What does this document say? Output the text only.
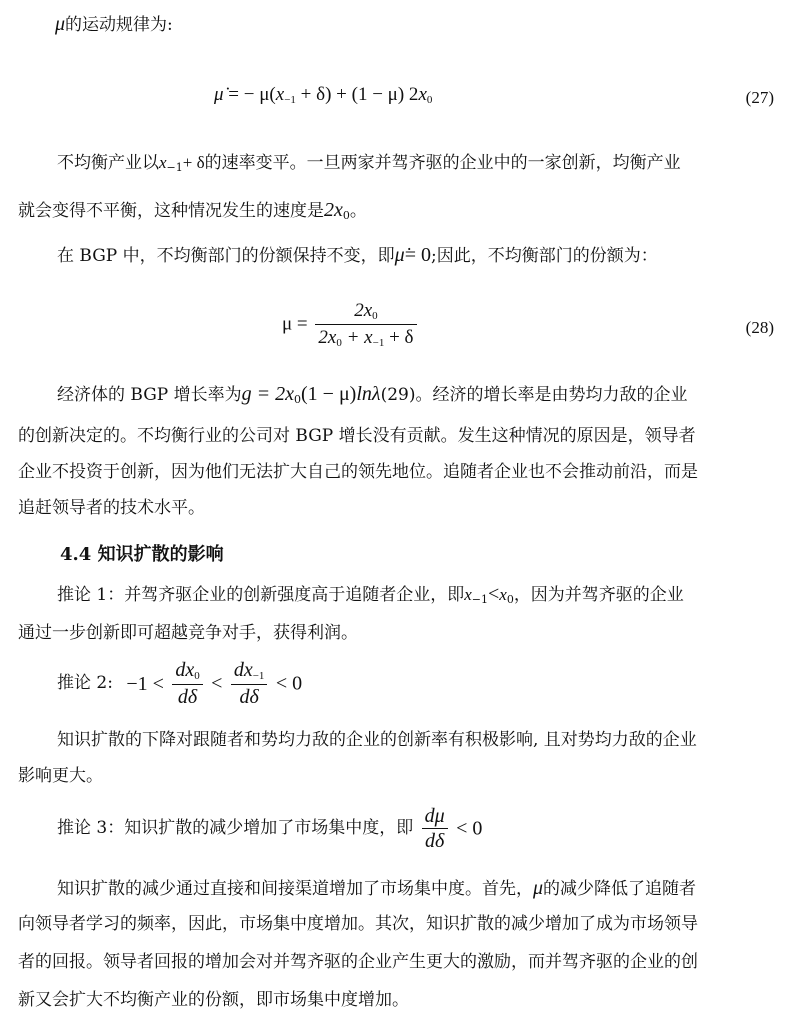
μ的运动规律为:
μ̇ = − $\mu(x_{-1} + \delta) + (1 - \mu)$ $2x_0$	(27)
不均衡产业以$x_{-1}+ \delta$的速率变平。一旦两家并驾齐驱的企业中的一家创新，均衡产业
就会变得不平衡，这种情况发生的速度是$2x_0$。
在 BGP 中，不均衡部门的份额保持不变，即μ̇= 0;因此，不均衡部门的份额为：
$\mu = \frac{2x_0}{2x_0 + x_{-1} + \delta}$	(28)
经济体的 BGP 增长率为$g = 2x_0(1 - \mu)\ln\lambda(29)$。经济的增长率是由势均力敌的企业
的创新决定的。不均衡行业的公司对 BGP 增长没有贡献。发生这种情况的原因是，领导者
企业不投资于创新，因为他们无法扩大自己的领先地位。追随者企业也不会推动前沿，而是
追赶领导者的技术水平。
4.4 知识扩散的影响
推论 1：并驾齐驱企业的创新强度高于追随者企业，即$x_{-1}<x_0$，因为并驾齐驱的企业
通过一步创新即可超越竞争对手，获得利润。
推论 2: $-1 < \frac{dx_0}{d\delta} < \frac{dx_{-1}}{d\delta} < 0$
知识扩散的下降对跟随者和势均力敌的企业的创新率有积极影响, 且对势均力敌的企业
影响更大。
推论 3：知识扩散的减少增加了市场集中度，即 $\frac{d\mu}{d\delta} < 0$
知识扩散的减少通过直接和间接渠道增加了市场集中度。首先，μ的减少降低了追随者
向领导者学习的频率，因此，市场集中度增加。其次，知识扩散的减少增加了成为市场领导
者的回报。领导者回报的增加会对并驾齐驱的企业产生更大的激励，而并驾齐驱的企业的创
新又会扩大不均衡产业的份额，即市场集中度增加。
